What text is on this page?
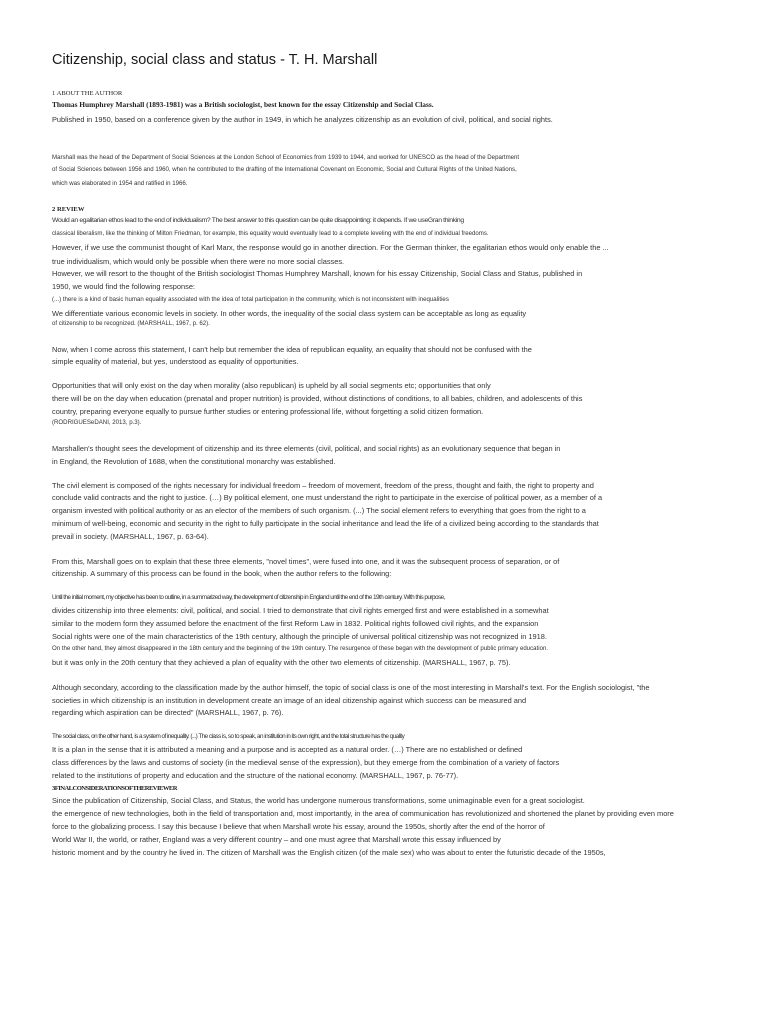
Citizenship, social class and status - T. H. Marshall
1 ABOUT THE AUTHOR
Thomas Humphrey Marshall (1893-1981) was a British sociologist, best known for the essay Citizenship and Social Class.
Published in 1950, based on a conference given by the author in 1949, in which he analyzes citizenship as an evolution of civil, political, and social rights.
Marshall was the head of the Department of Social Sciences at the London School of Economics from 1939 to 1944, and worked for UNESCO as the head of the Department
of Social Sciences between 1956 and 1960, when he contributed to the drafting of the International Covenant on Economic, Social and Cultural Rights of the United Nations,
which was elaborated in 1954 and ratified in 1966.
2 REVIEW
Would an egalitarian ethos lead to the end of individualism? The best answer to this question can be quite disappointing: it depends. If we useGran thinking
classical liberalism, like the thinking of Milton Friedman, for example, this equality would eventually lead to a complete leveling with the end of individual freedoms.
However, if we use the communist thought of Karl Marx, the response would go in another direction. For the German thinker, the egalitarian ethos would only enable the ...
true individualism, which would only be possible when there were no more social classes.
However, we will resort to the thought of the British sociologist Thomas Humphrey Marshall, known for his essay Citizenship, Social Class and Status, published in
1950, we would find the following response:
(...) there is a kind of basic human equality associated with the idea of total participation in the community, which is not inconsistent with inequalities
We differentiate various economic levels in society. In other words, the inequality of the social class system can be acceptable as long as equality
of citizenship to be recognized. (MARSHALL, 1967, p. 62).
Now, when I come across this statement, I can't help but remember the idea of republican equality, an equality that should not be confused with the
simple equality of material, but yes, understood as equality of opportunities.
Opportunities that will only exist on the day when morality (also republican) is upheld by all social segments etc; opportunities that only
there will be on the day when education (prenatal and proper nutrition) is provided, without distinctions of conditions, to all babies, children, and adolescents of this
country, preparing everyone equally to pursue further studies or entering professional life, without forgetting a solid citizen formation.
(RODRIGUESeDANI, 2013, p.3).
Marshallen's thought sees the development of citizenship and its three elements (civil, political, and social rights) as an evolutionary sequence that began in
in England, the Revolution of 1688, when the constitutional monarchy was established.
The civil element is composed of the rights necessary for individual freedom – freedom of movement, freedom of the press, thought and faith, the right to property and
conclude valid contracts and the right to justice. (…) By political element, one must understand the right to participate in the exercise of political power, as a member of a
organism invested with political authority or as an elector of the members of such organism. (...) The social element refers to everything that goes from the right to a
minimum of well-being, economic and security in the right to fully participate in the social inheritance and lead the life of a civilized being according to the standards that
prevail in society. (MARSHALL, 1967, p. 63-64).
From this, Marshall goes on to explain that these three elements, "novel times", were fused into one, and it was the subsequent process of separation, or of
citizenship. A summary of this process can be found in the book, when the author refers to the following:
Until the initial moment, my objective has been to outline, in a summarized way, the development of citizenship in England until the end of the 19th century. With this purpose,
divides citizenship into three elements: civil, political, and social. I tried to demonstrate that civil rights emerged first and were established in a somewhat
similar to the modern form they assumed before the enactment of the first Reform Law in 1832. Political rights followed civil rights, and the expansion
Social rights were one of the main characteristics of the 19th century, although the principle of universal political citizenship was not recognized in 1918.
On the other hand, they almost disappeared in the 18th century and the beginning of the 19th century. The resurgence of these began with the development of public primary education.
but it was only in the 20th century that they achieved a plan of equality with the other two elements of citizenship. (MARSHALL, 1967, p. 75).
Although secondary, according to the classification made by the author himself, the topic of social class is one of the most interesting in Marshall's text. For the English sociologist, "the
societies in which citizenship is an institution in development create an image of an ideal citizenship against which success can be measured and
regarding which aspiration can be directed" (MARSHALL, 1967, p. 76).
The social class, on the other hand, is a system of inequality. (...) The class is, so to speak, an institution in its own right, and the total structure has the quality
It is a plan in the sense that it is attributed a meaning and a purpose and is accepted as a natural order. (…) There are no established or defined
class differences by the laws and customs of society (in the medieval sense of the expression), but they emerge from the combination of a variety of factors
related to the institutions of property and education and the structure of the national economy. (MARSHALL, 1967, p. 76-77).
3FINALCONSIDERATIONSOFTHEREVIEWER
Since the publication of Citizenship, Social Class, and Status, the world has undergone numerous transformations, some unimaginable even for a great sociologist.
the emergence of new technologies, both in the field of transportation and, most importantly, in the area of communication has revolutionized and shortened the planet by providing even more
force to the globalizing process. I say this because I believe that when Marshall wrote his essay, around the 1950s, shortly after the end of the horror of
World War II, the world, or rather, England was a very different country – and one must agree that Marshall wrote this essay influenced by
historic moment and by the country he lived in. The citizen of Marshall was the English citizen (of the male sex) who was about to enter the futuristic decade of the 1950s,
